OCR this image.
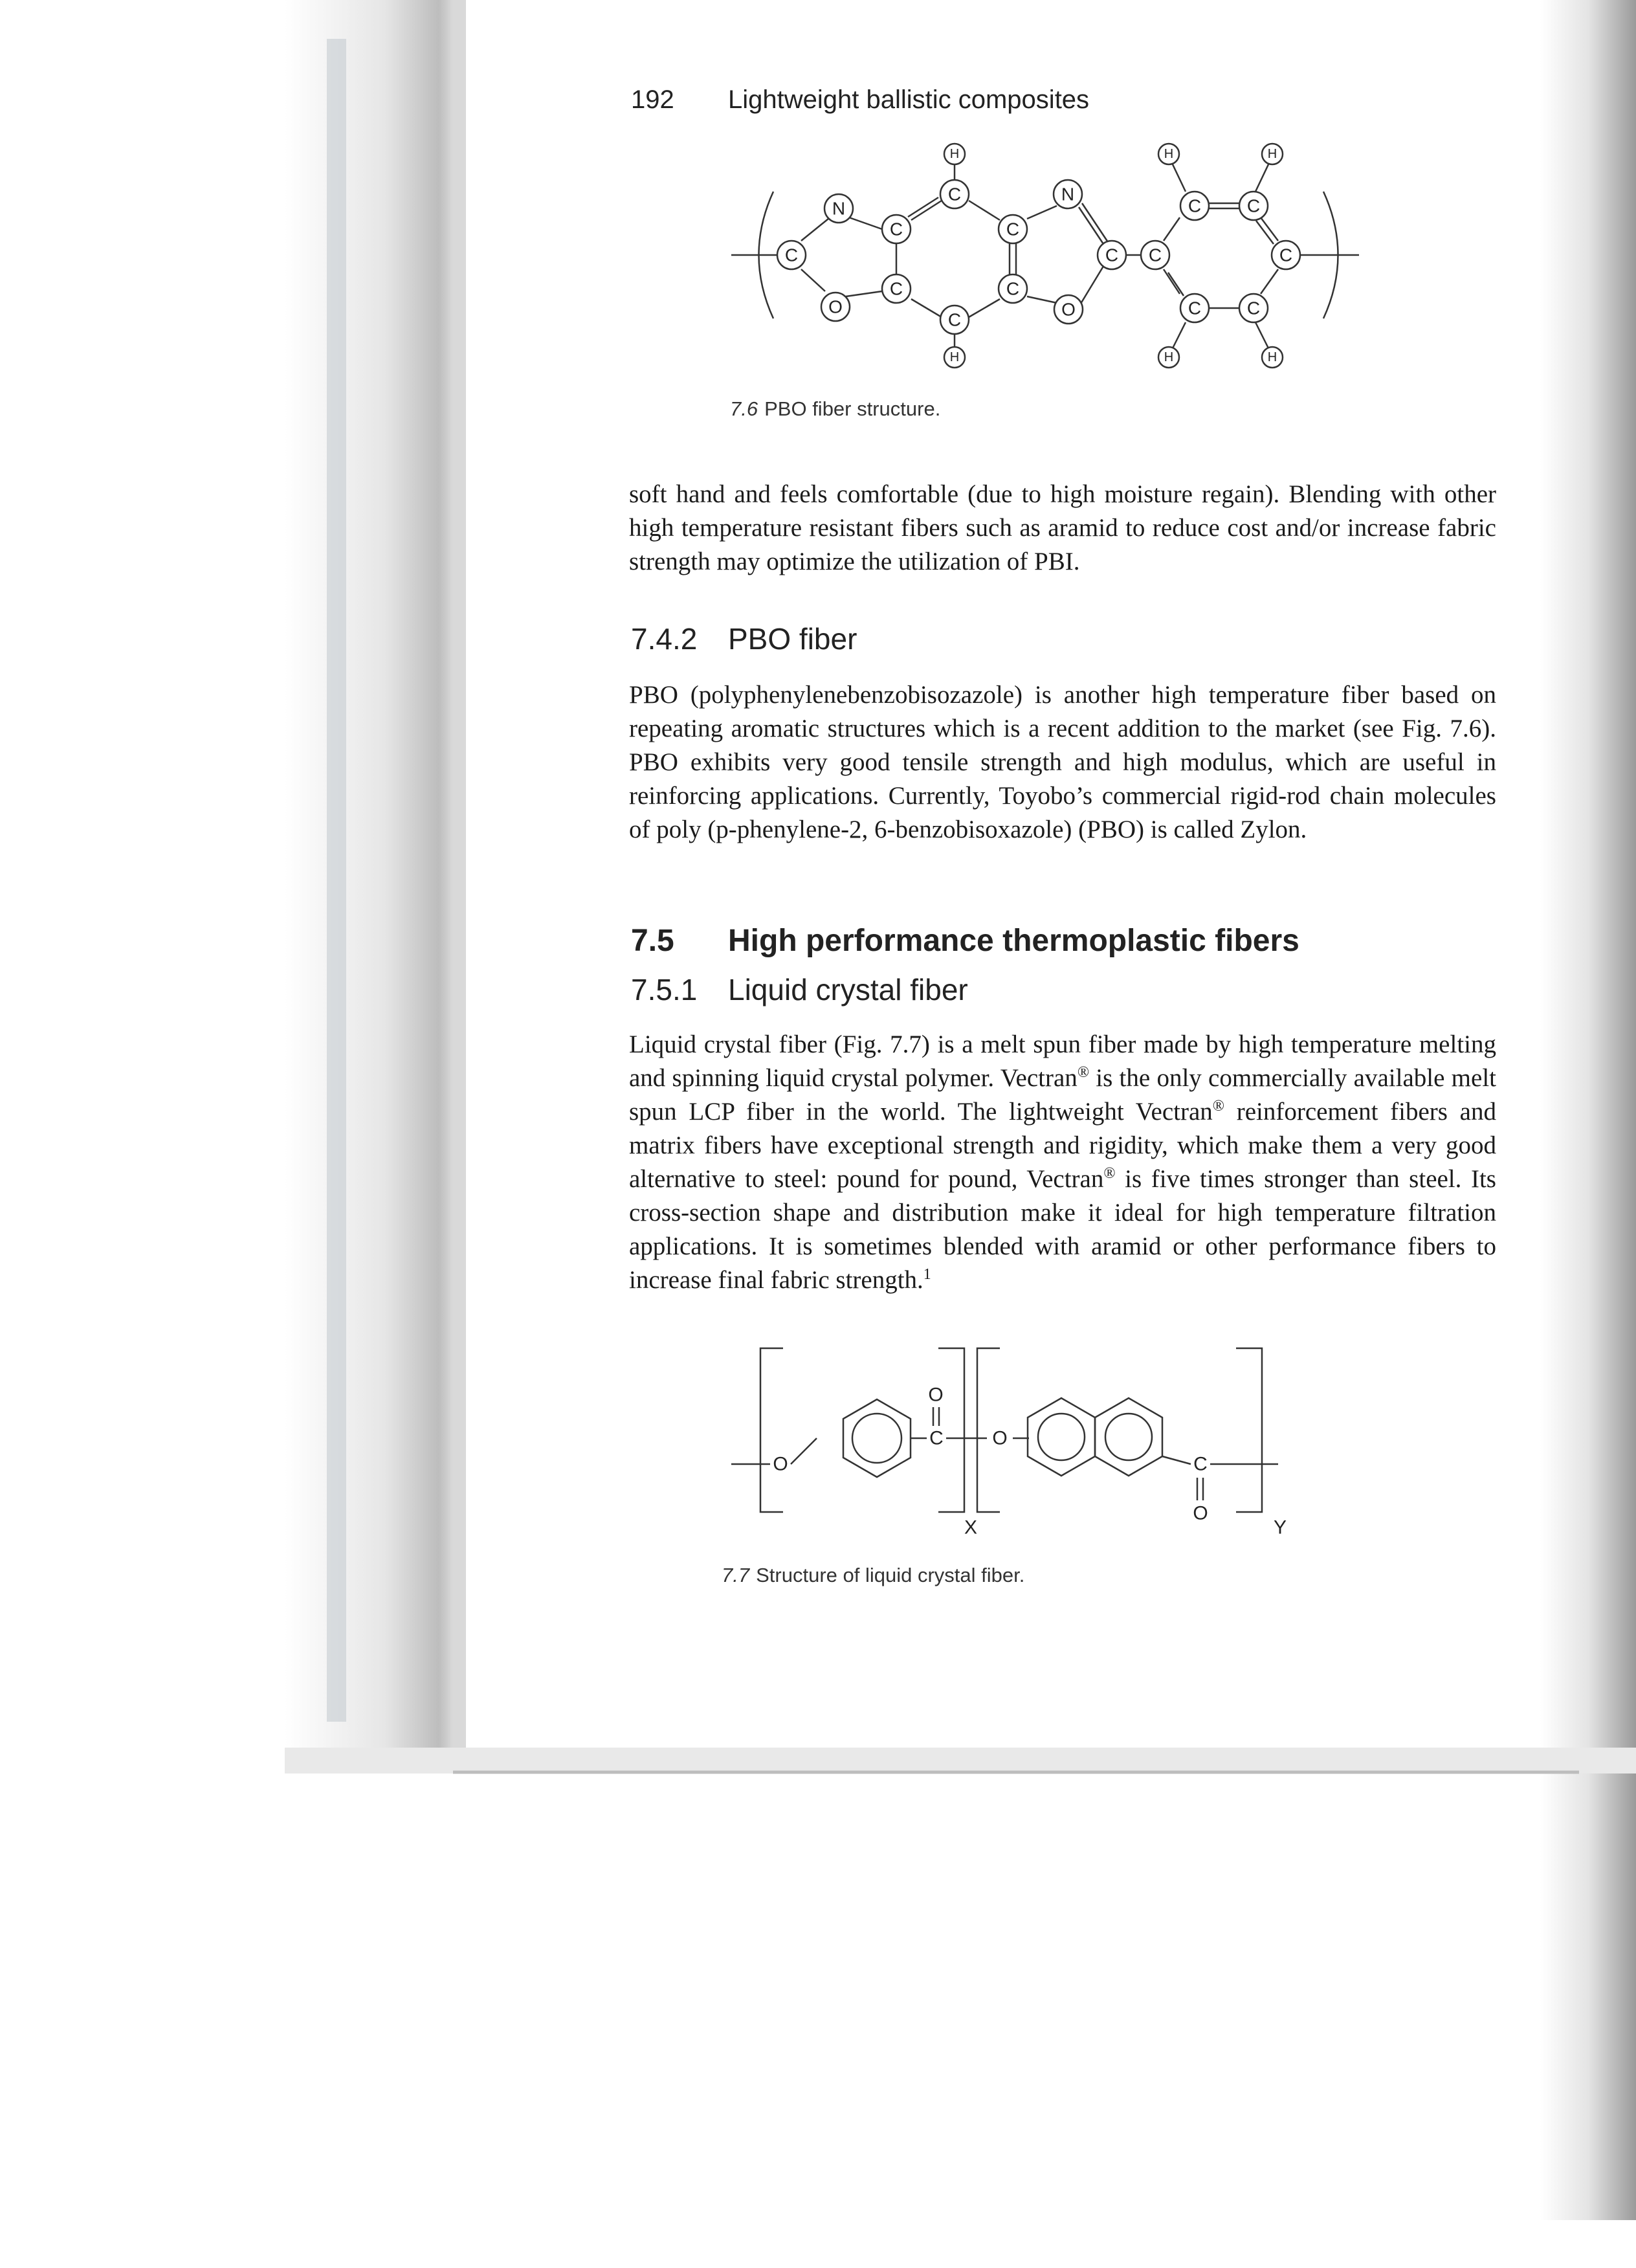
192 Lightweight ballistic composites
C
N
O
C
C
C
C
C
C
N
O
C C
C
C
C
C
C
H
H
H	H
H	H
7.6 PBO fiber structure.

soft hand and feels comfortable (due to high moisture regain). Blending with other high temperature resistant fibers such as aramid to reduce cost and/or increase fabric strength may optimize the utilization of PBI.

7.4.2 PBO fiber

PBO (polyphenylenebenzobisozazole) is another high temperature fiber based on repeating aromatic structures which is a recent addition to the market (see Fig. 7.6). PBO exhibits very good tensile strength and high modulus, which are useful in reinforcing applications. Currently, Toyobo’s commercial rigid-rod chain molecules of poly (p-phenylene-2, 6-benzobisoxazole) (PBO) is called Zylon.

7.5 High performance thermoplastic fibers
7.5.1 Liquid crystal fiber

Liquid crystal fiber (Fig. 7.7) is a melt spun fiber made by high temperature melting and spinning liquid crystal polymer. Vectran® is the only commercially available melt spun LCP fiber in the world. The lightweight Vectran® reinforcement fibers and matrix fibers have exceptional strength and rigidity, which make them a very good alternative to steel: pound for pound, Vectran® is five times stronger than steel. Its cross-section shape and distribution make it ideal for high temperature filtration applications. It is sometimes blended with aramid or other performance fibers to increase final fabric strength.$^1$

O
O
C	O
C
O
X	Y
7.7 Structure of liquid crystal fiber.
